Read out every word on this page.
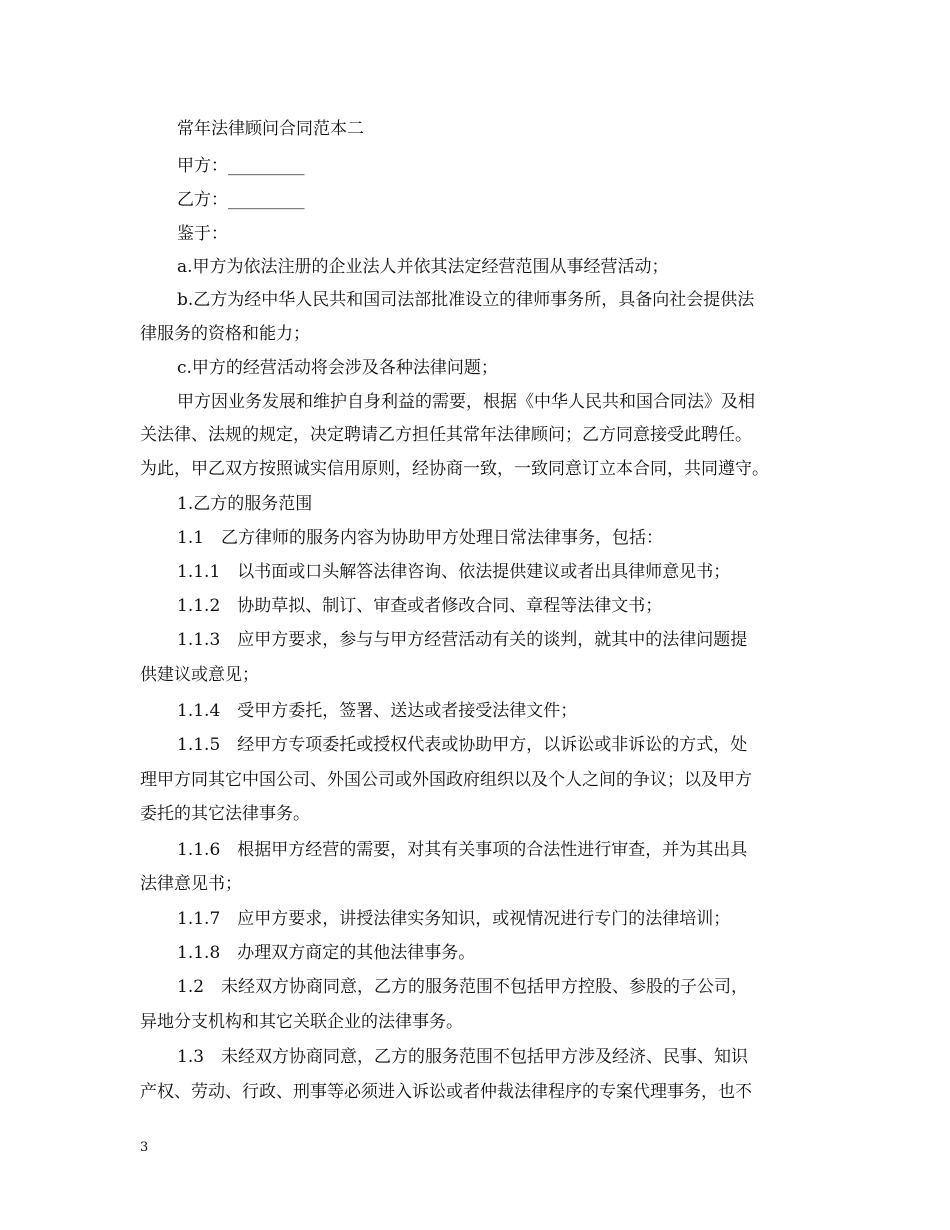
常年法律顾问合同范本二
甲方：_________
乙方：_________
鉴于：
a.甲方为依法注册的企业法人并依其法定经营范围从事经营活动；
b.乙方为经中华人民共和国司法部批准设立的律师事务所，具备向社会提供法
律服务的资格和能力；
c.甲方的经营活动将会涉及各种法律问题；
甲方因业务发展和维护自身利益的需要，根据《中华人民共和国合同法》及相
关法律、法规的规定，决定聘请乙方担任其常年法律顾问；乙方同意接受此聘任。
为此，甲乙双方按照诚实信用原则，经协商一致，一致同意订立本合同，共同遵守。
1.乙方的服务范围
1.1　乙方律师的服务内容为协助甲方处理日常法律事务，包括：
1.1.1　以书面或口头解答法律咨询、依法提供建议或者出具律师意见书；
1.1.2　协助草拟、制订、审查或者修改合同、章程等法律文书；
1.1.3　应甲方要求，参与与甲方经营活动有关的谈判，就其中的法律问题提
供建议或意见；
1.1.4　受甲方委托，签署、送达或者接受法律文件；
1.1.5　经甲方专项委托或授权代表或协助甲方，以诉讼或非诉讼的方式，处
理甲方同其它中国公司、外国公司或外国政府组织以及个人之间的争议；以及甲方
委托的其它法律事务。
1.1.6　根据甲方经营的需要，对其有关事项的合法性进行审查，并为其出具
法律意见书；
1.1.7　应甲方要求，讲授法律实务知识，或视情况进行专门的法律培训；
1.1.8　办理双方商定的其他法律事务。
1.2　未经双方协商同意，乙方的服务范围不包括甲方控股、参股的子公司，
异地分支机构和其它关联企业的法律事务。
1.3　未经双方协商同意，乙方的服务范围不包括甲方涉及经济、民事、知识
产权、劳动、行政、刑事等必须进入诉讼或者仲裁法律程序的专案代理事务，也不
3
